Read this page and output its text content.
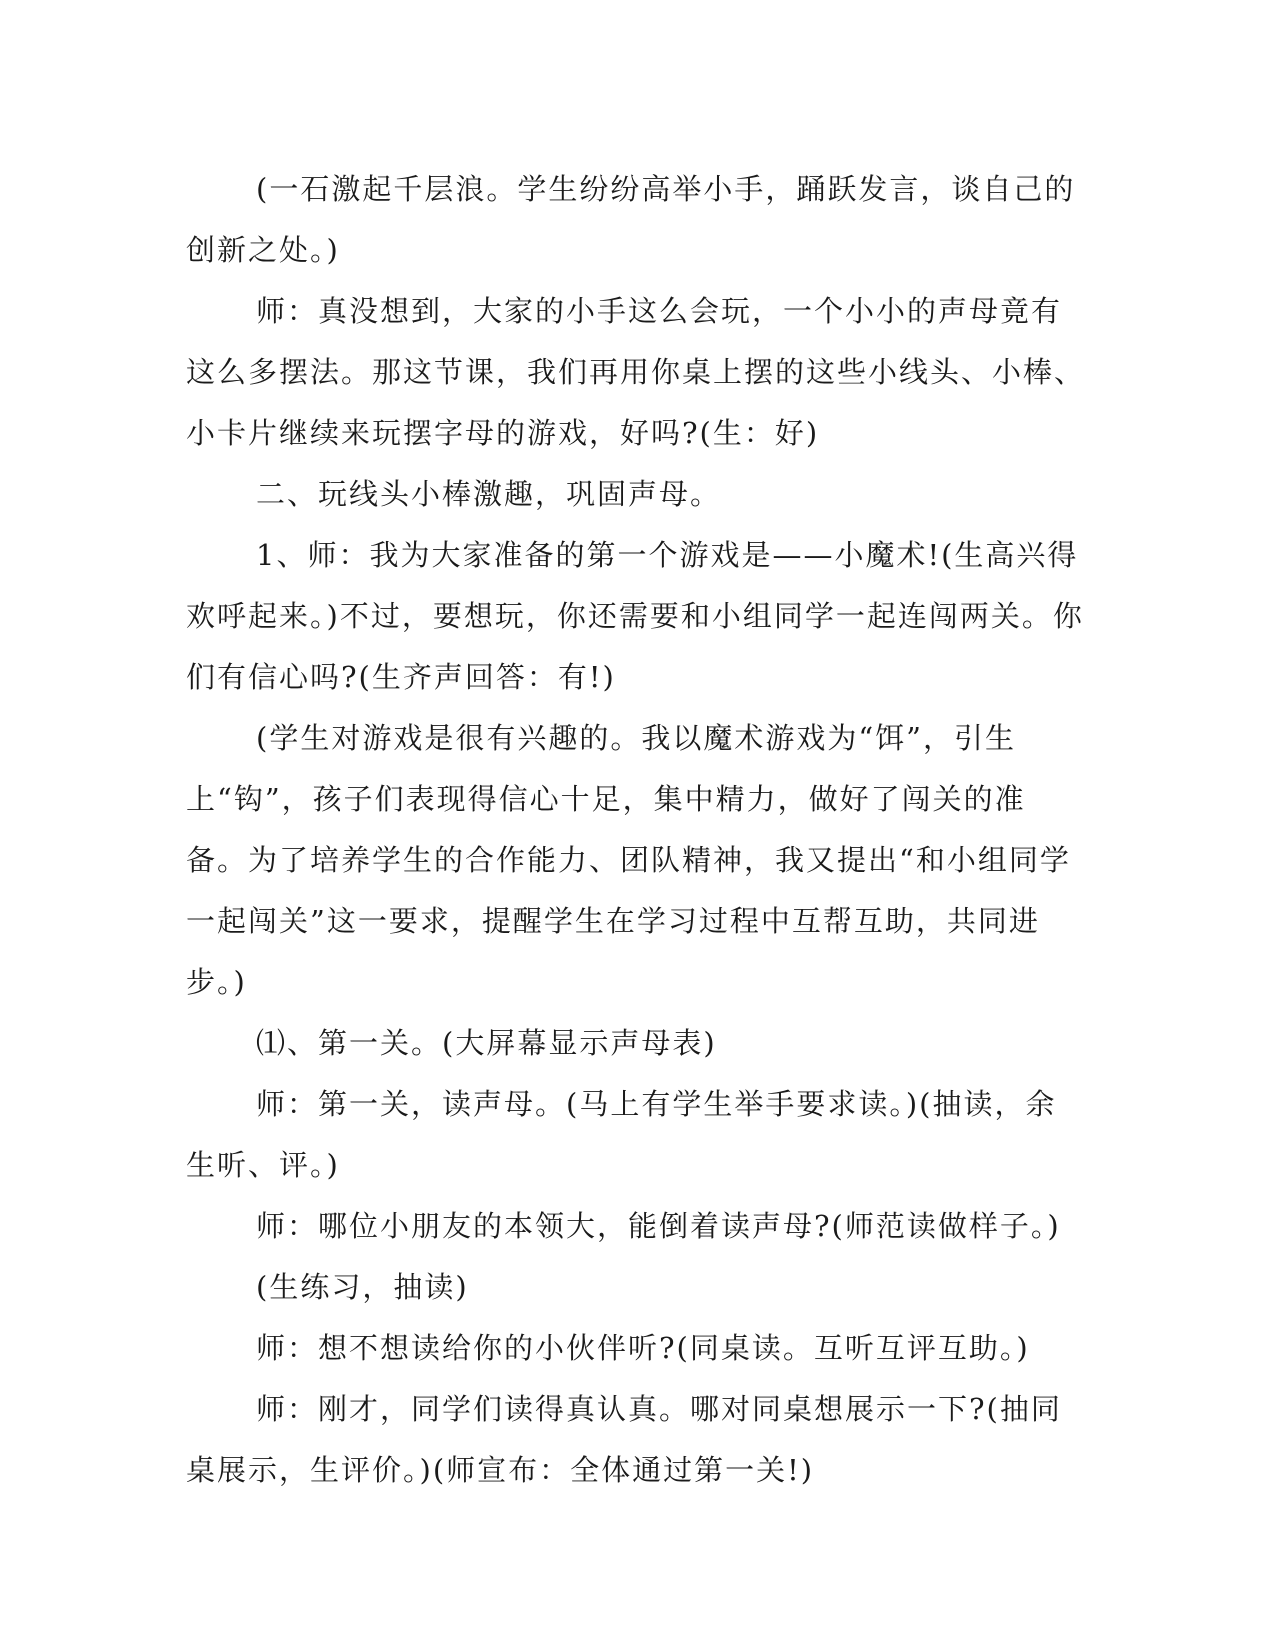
(一石激起千层浪。学生纷纷高举小手，踊跃发言，谈自己的创新之处。)

师：真没想到，大家的小手这么会玩，一个小小的声母竟有这么多摆法。那这节课，我们再用你桌上摆的这些小线头、小棒、小卡片继续来玩摆字母的游戏，好吗?(生：好)

二、玩线头小棒激趣，巩固声母。

1、师：我为大家准备的第一个游戏是——小魔术!(生高兴得欢呼起来。)不过，要想玩，你还需要和小组同学一起连闯两关。你们有信心吗?(生齐声回答：有!)

(学生对游戏是很有兴趣的。我以魔术游戏为“饵”，引生上“钩”，孩子们表现得信心十足，集中精力，做好了闯关的准备。为了培养学生的合作能力、团队精神，我又提出“和小组同学一起闯关”这一要求，提醒学生在学习过程中互帮互助，共同进步。)

⑴、第一关。(大屏幕显示声母表)

师：第一关，读声母。(马上有学生举手要求读。)(抽读，余生听、评。)

师：哪位小朋友的本领大，能倒着读声母?(师范读做样子。)

(生练习，抽读)

师：想不想读给你的小伙伴听?(同桌读。互听互评互助。)

师：刚才，同学们读得真认真。哪对同桌想展示一下?(抽同桌展示，生评价。)(师宣布：全体通过第一关!)
